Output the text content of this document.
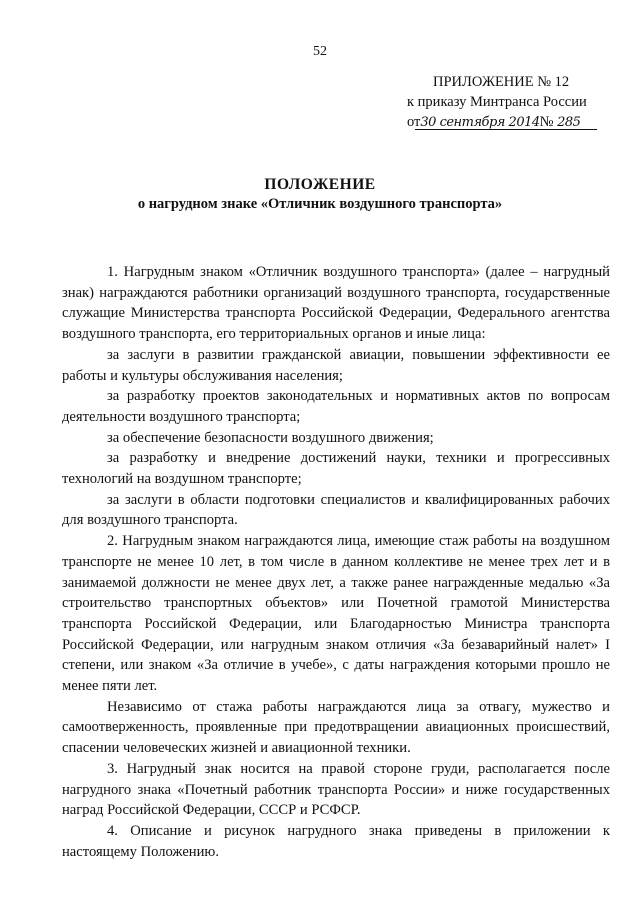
52
ПРИЛОЖЕНИЕ № 12
к приказу Минтранса России
от30 сентября 2014№ 285
ПОЛОЖЕНИЕ
о нагрудном знаке «Отличник воздушного транспорта»

1. Нагрудным знаком «Отличник воздушного транспорта» (далее – нагрудный знак) награждаются работники организаций воздушного транспорта, государственные служащие Министерства транспорта Российской Федерации, Федерального агентства воздушного транспорта, его территориальных органов и иные лица:

за заслуги в развитии гражданской авиации, повышении эффективности ее работы и культуры обслуживания населения;

за разработку проектов законодательных и нормативных актов по вопросам деятельности воздушного транспорта;

за обеспечение безопасности воздушного движения;

за разработку и внедрение достижений науки, техники и прогрессивных технологий на воздушном транспорте;

за заслуги в области подготовки специалистов и квалифицированных рабочих для воздушного транспорта.

2. Нагрудным знаком награждаются лица, имеющие стаж работы на воздушном транспорте не менее 10 лет, в том числе в данном коллективе не менее трех лет и в занимаемой должности не менее двух лет, а также ранее награжденные медалью «За строительство транспортных объектов» или Почетной грамотой Министерства транспорта Российской Федерации, или Благодарностью Министра транспорта Российской Федерации, или нагрудным знаком отличия «За безаварийный налет» I степени, или знаком «За отличие в учебе», с даты награждения которыми прошло не менее пяти лет.

Независимо от стажа работы награждаются лица за отвагу, мужество и самоотверженность, проявленные при предотвращении авиационных происшествий, спасении человеческих жизней и авиационной техники.

3. Нагрудный знак носится на правой стороне груди, располагается после нагрудного знака «Почетный работник транспорта России» и ниже государственных наград Российской Федерации, СССР и РСФСР.

4. Описание и рисунок нагрудного знака приведены в приложении к настоящему Положению.
